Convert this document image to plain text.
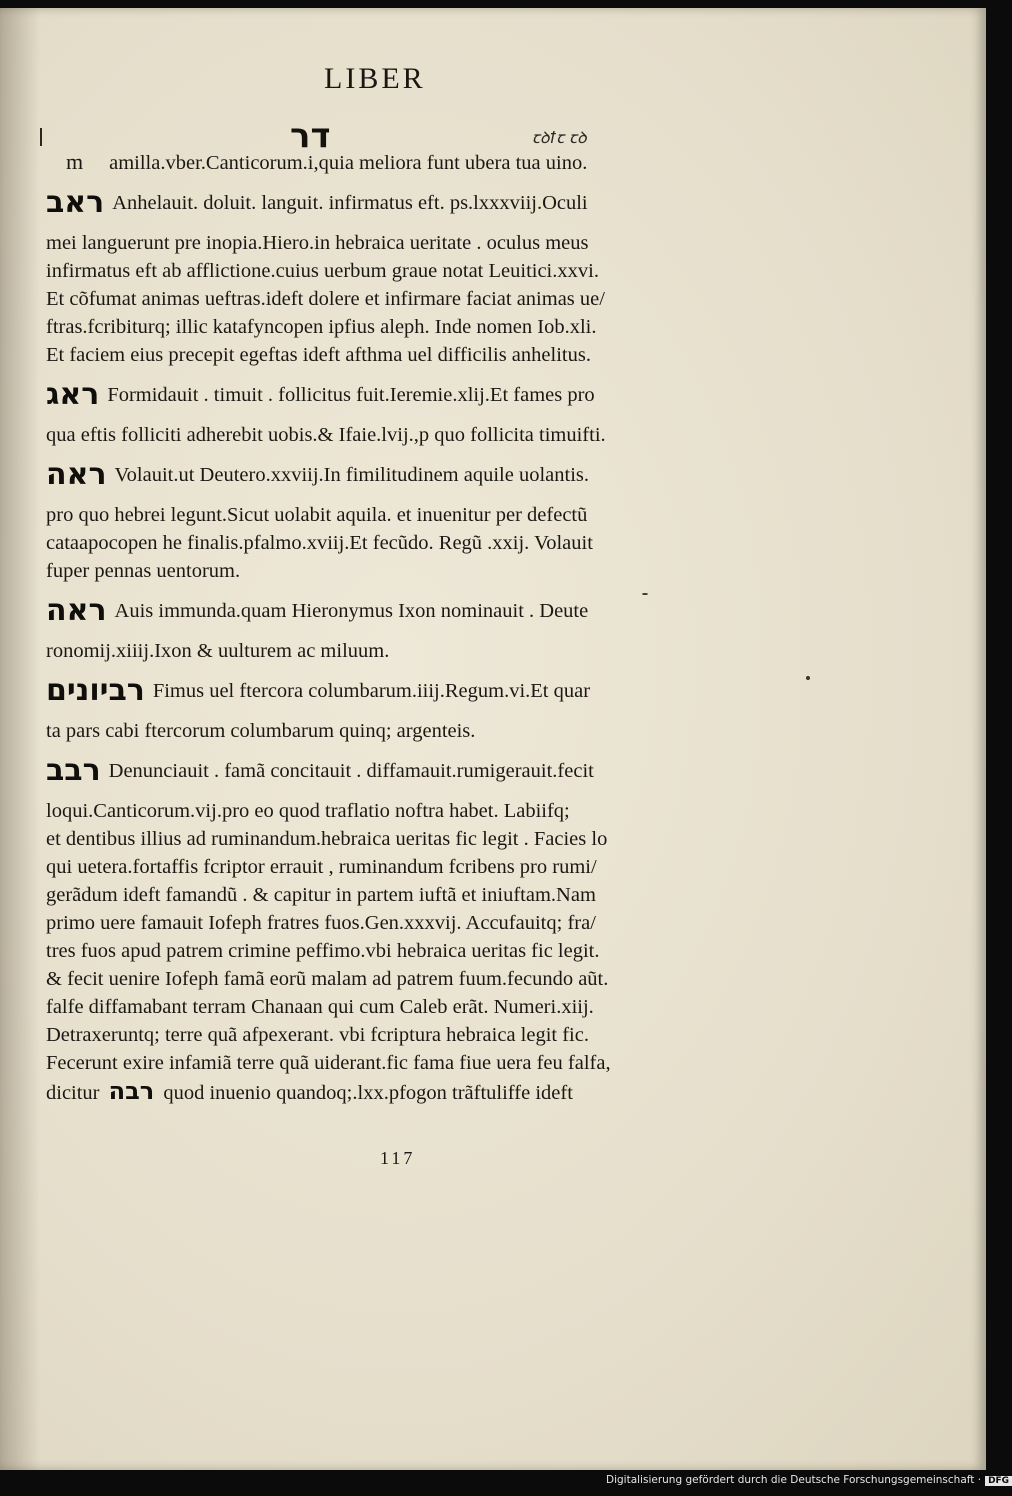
LIBER
דר	ꞇꝺꝉꞇ ꞇꝺ

m amilla.vber.Canticorum.i,quia meliora funt ubera tua uino.

ראב Anhelauit. doluit. languit. infirmatus eft. ps.lxxxviij.Oculi
mei languerunt pre inopia.Hiero.in hebraica ueritate . oculus meus
infirmatus eft ab afflictione.cuius uerbum graue notat Leuitici.xxvi.
Et cõfumat animas ueftras.ideft dolere et infirmare faciat animas ue/
ftras.fcribiturq; illic katafyncopen ipfius aleph. Inde nomen Iob.xli.
Et faciem eius precepit egeftas ideft afthma uel difficilis anhelitus.
ראג Formidauit . timuit . follicitus fuit.Ieremie.xlij.Et fames pro
qua eftis folliciti adherebit uobis.& Ifaie.lvij.,p quo follicita timuifti.
ראה Volauit.ut Deutero.xxviij.In fimilitudinem aquile uolantis.
pro quo hebrei legunt.Sicut uolabit aquila. et inuenitur per defectũ
cataapocopen he finalis.pfalmo.xviij.Et fecũdo. Regũ .xxij. Volauit
fuper pennas uentorum.
ראה Auis immunda.quam Hieronymus Ixon nominauit . Deute
ronomij.xiiij.Ixon & uulturem ac miluum.
רביונים Fimus uel ftercora columbarum.iiij.Regum.vi.Et quar
ta pars cabi ftercorum columbarum quinq; argenteis.
רבב Denunciauit . famã concitauit . diffamauit.rumigerauit.fecit
loqui.Canticorum.vij.pro eo quod traflatio noftra habet. Labiifq;
et dentibus illius ad ruminandum.hebraica ueritas fic legit . Facies lo
qui uetera.fortaffis fcriptor errauit , ruminandum fcribens pro rumi/
gerãdum ideft famandũ . & capitur in partem iuftã et iniuftam.Nam
primo uere famauit Iofeph fratres fuos.Gen.xxxvij. Accufauitq; fra/
tres fuos apud patrem crimine peffimo.vbi hebraica ueritas fic legit.
& fecit uenire Iofeph famã eorũ malam ad patrem fuum.fecundo aũt.
falfe diffamabant terram Chanaan qui cum Caleb erãt. Numeri.xiij.
Detraxeruntq; terre quã afpexerant. vbi fcriptura hebraica legit fic.
Fecerunt exire infamiã terre quã uiderant.fic fama fiue uera feu falfa,
dicitur רבה quod inuenio quandoq;.lxx.pfogon trãftuliffe ideft
117
Digitalisierung gefördert durch die Deutsche Forschungsgemeinschaft · DFG
